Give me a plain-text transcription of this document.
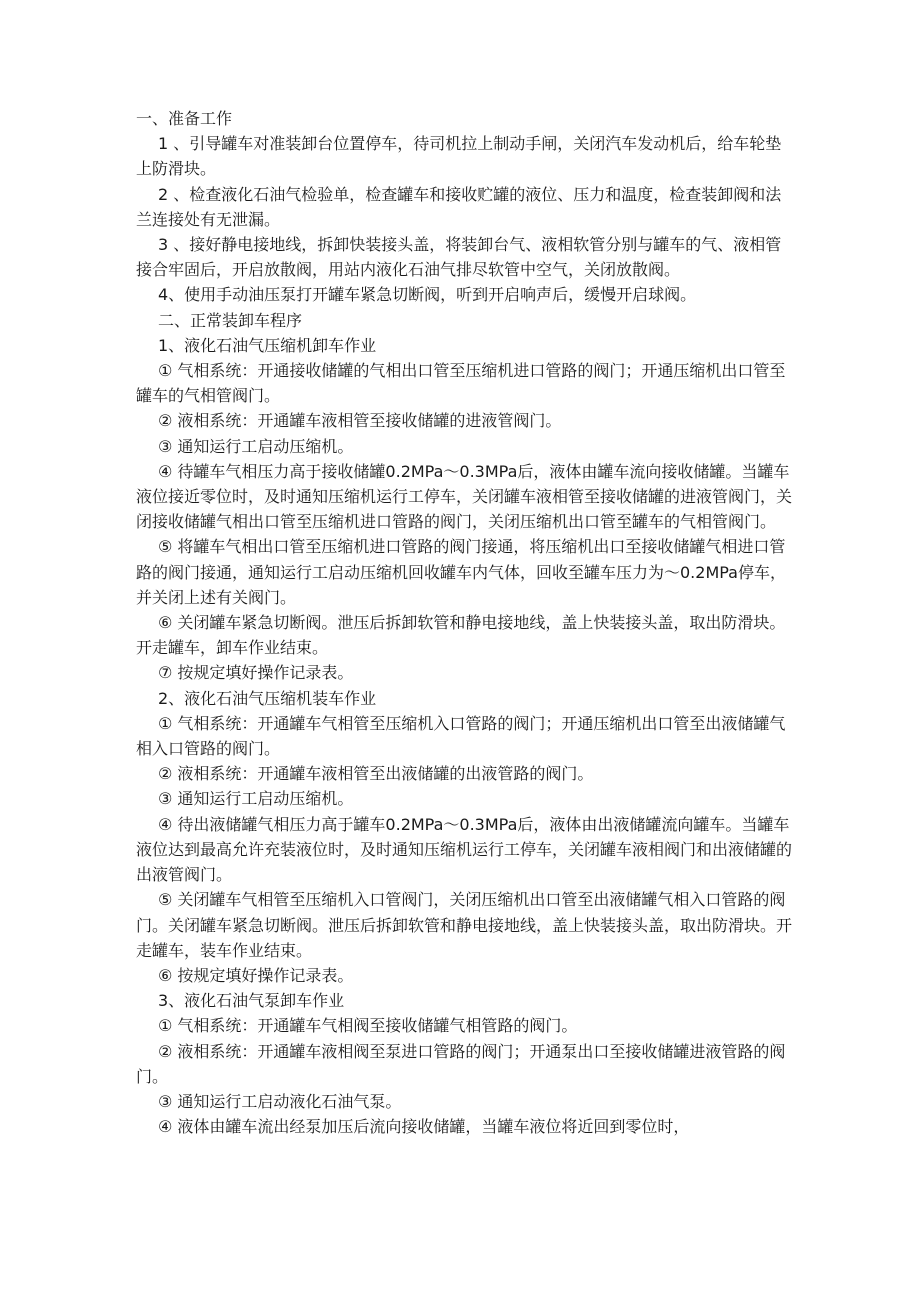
一、准备工作

1 、引导罐车对准装卸台位置停车，待司机拉上制动手闸，关闭汽车发动机后，给车轮垫上防滑块。

2 、检查液化石油气检验单，检查罐车和接收贮罐的液位、压力和温度，检查装卸阀和法兰连接处有无泄漏。

3 、接好静电接地线，拆卸快装接头盖，将装卸台气、液相软管分别与罐车的气、液相管接合牢固后，开启放散阀，用站内液化石油气排尽软管中空气，关闭放散阀。

4、使用手动油压泵打开罐车紧急切断阀，听到开启响声后，缓慢开启球阀。

二、正常装卸车程序

1、液化石油气压缩机卸车作业

① 气相系统：开通接收储罐的气相出口管至压缩机进口管路的阀门；开通压缩机出口管至罐车的气相管阀门。

② 液相系统：开通罐车液相管至接收储罐的进液管阀门。

③ 通知运行工启动压缩机。

④ 待罐车气相压力高于接收储罐0.2MPa～0.3MPa后，液体由罐车流向接收储罐。当罐车液位接近零位时，及时通知压缩机运行工停车，关闭罐车液相管至接收储罐的进液管阀门，关闭接收储罐气相出口管至压缩机进口管路的阀门，关闭压缩机出口管至罐车的气相管阀门。

⑤ 将罐车气相出口管至压缩机进口管路的阀门接通，将压缩机出口至接收储罐气相进口管路的阀门接通，通知运行工启动压缩机回收罐车内气体，回收至罐车压力为～0.2MPa停车，并关闭上述有关阀门。

⑥ 关闭罐车紧急切断阀。泄压后拆卸软管和静电接地线，盖上快装接头盖，取出防滑块。开走罐车，卸车作业结束。

⑦ 按规定填好操作记录表。

2、液化石油气压缩机装车作业

① 气相系统：开通罐车气相管至压缩机入口管路的阀门；开通压缩机出口管至出液储罐气相入口管路的阀门。

② 液相系统：开通罐车液相管至出液储罐的出液管路的阀门。

③ 通知运行工启动压缩机。

④ 待出液储罐气相压力高于罐车0.2MPa～0.3MPa后，液体由出液储罐流向罐车。当罐车液位达到最高允许充装液位时，及时通知压缩机运行工停车，关闭罐车液相阀门和出液储罐的出液管阀门。

⑤ 关闭罐车气相管至压缩机入口管阀门，关闭压缩机出口管至出液储罐气相入口管路的阀门。关闭罐车紧急切断阀。泄压后拆卸软管和静电接地线，盖上快装接头盖，取出防滑块。开走罐车，装车作业结束。

⑥ 按规定填好操作记录表。

3、液化石油气泵卸车作业

① 气相系统：开通罐车气相阀至接收储罐气相管路的阀门。

② 液相系统：开通罐车液相阀至泵进口管路的阀门；开通泵出口至接收储罐进液管路的阀门。

③ 通知运行工启动液化石油气泵。

④ 液体由罐车流出经泵加压后流向接收储罐，当罐车液位将近回到零位时，
